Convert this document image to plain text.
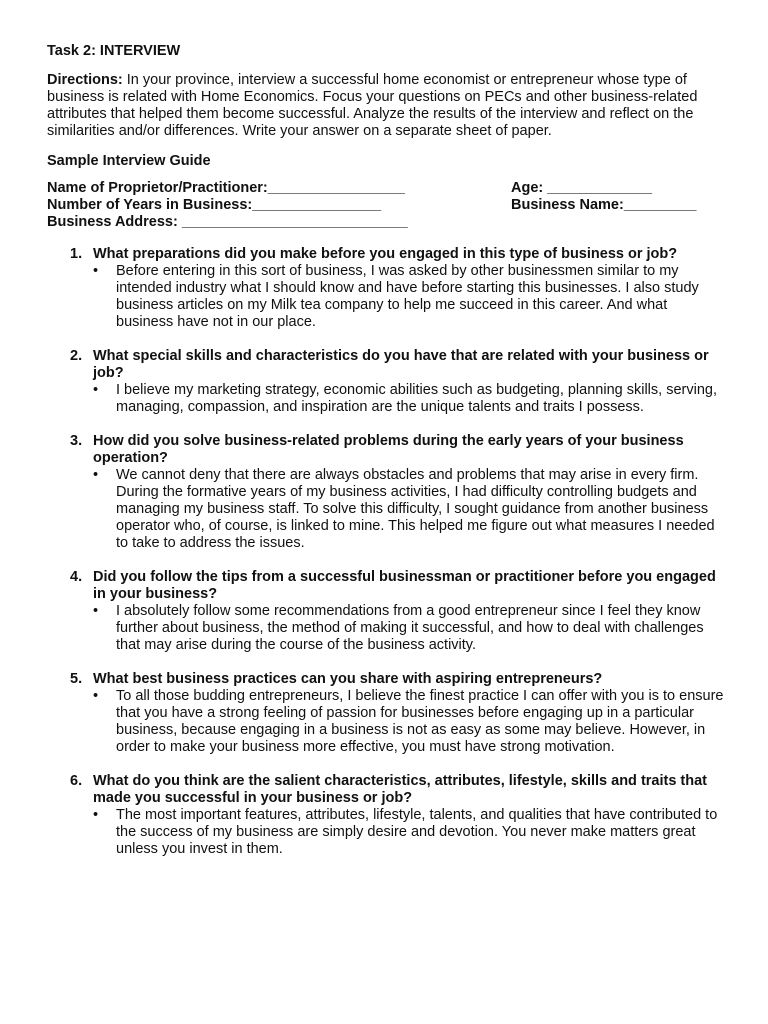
Task 2: INTERVIEW

Directions: In your province, interview a successful home economist or entrepreneur whose type of business is related with Home Economics. Focus your questions on PECs and other business-related attributes that helped them become successful. Analyze the results of the interview and reflect on the similarities and/or differences. Write your answer on a separate sheet of paper.

Sample Interview Guide

Name of Proprietor/Practitioner:_________________	Age: _____________
Number of Years in Business:________________	Business Name:_________
Business Address: ____________________________
1. What preparations did you make before you engaged in this type of business or job?

• Before entering in this sort of business, I was asked by other businessmen similar to my intended industry what I should know and have before starting this businesses. I also study business articles on my Milk tea company to help me succeed in this career. And what business have not in our place.

2. What special skills and characteristics do you have that are related with your business or job?

• I believe my marketing strategy, economic abilities such as budgeting, planning skills, serving, managing, compassion, and inspiration are the unique talents and traits I possess.

3. How did you solve business-related problems during the early years of your business operation?

• We cannot deny that there are always obstacles and problems that may arise in every firm. During the formative years of my business activities, I had difficulty controlling budgets and managing my business staff. To solve this difficulty, I sought guidance from another business operator who, of course, is linked to mine. This helped me figure out what measures I needed to take to address the issues.

4. Did you follow the tips from a successful businessman or practitioner before you engaged in your business?

• I absolutely follow some recommendations from a good entrepreneur since I feel they know further about business, the method of making it successful, and how to deal with challenges that may arise during the course of the business activity.

5. What best business practices can you share with aspiring entrepreneurs?

• To all those budding entrepreneurs, I believe the finest practice I can offer with you is to ensure that you have a strong feeling of passion for businesses before engaging up in a particular business, because engaging in a business is not as easy as some may believe. However, in order to make your business more effective, you must have strong motivation.

6. What do you think are the salient characteristics, attributes, lifestyle, skills and traits that made you successful in your business or job?

• The most important features, attributes, lifestyle, talents, and qualities that have contributed to the success of my business are simply desire and devotion. You never make matters great unless you invest in them.
